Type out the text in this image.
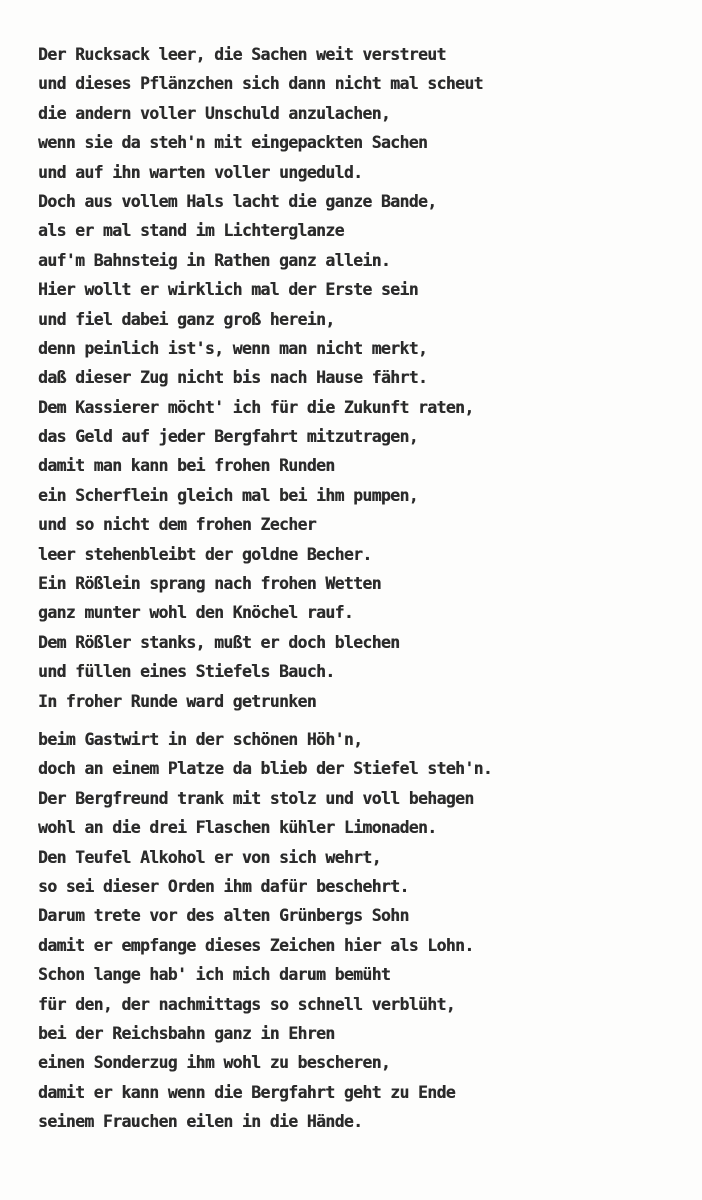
Der Rucksack leer, die Sachen weit verstreut
und dieses Pflänzchen sich dann nicht mal scheut
die andern voller Unschuld anzulachen,
wenn sie da steh'n mit eingepackten Sachen
und auf ihn warten voller ungeduld.
Doch aus vollem Hals lacht die ganze Bande,
als er mal stand im Lichterglanze
auf'm Bahnsteig in Rathen ganz allein.
Hier wollt er wirklich mal der Erste sein
und fiel dabei ganz groß herein,
denn peinlich ist's, wenn man nicht merkt,
daß dieser Zug nicht bis nach Hause fährt.
Dem Kassierer möcht' ich für die Zukunft raten,
das Geld auf jeder Bergfahrt mitzutragen,
damit man kann bei frohen Runden
ein Scherflein gleich mal bei ihm pumpen,
und so nicht dem frohen Zecher
leer stehenbleibt der goldne Becher.
Ein Rößlein sprang nach frohen Wetten
ganz munter wohl den Knöchel rauf.
Dem Rößler stanks, mußt er doch blechen
und füllen eines Stiefels Bauch.
In froher Runde ward getrunken
beim Gastwirt in der schönen Höh'n,
doch an einem Platze da blieb der Stiefel steh'n.
Der Bergfreund trank mit stolz und voll behagen
wohl an die drei Flaschen kühler Limonaden.
Den Teufel Alkohol er von sich wehrt,
so sei dieser Orden ihm dafür beschehrt.
Darum trete vor des alten Grünbergs Sohn
damit er empfange dieses Zeichen hier als Lohn.
Schon lange hab' ich mich darum bemüht
für den, der nachmittags so schnell verblüht,
bei der Reichsbahn ganz in Ehren
einen Sonderzug ihm wohl zu bescheren,
damit er kann wenn die Bergfahrt geht zu Ende
seinem Frauchen eilen in die Hände.
